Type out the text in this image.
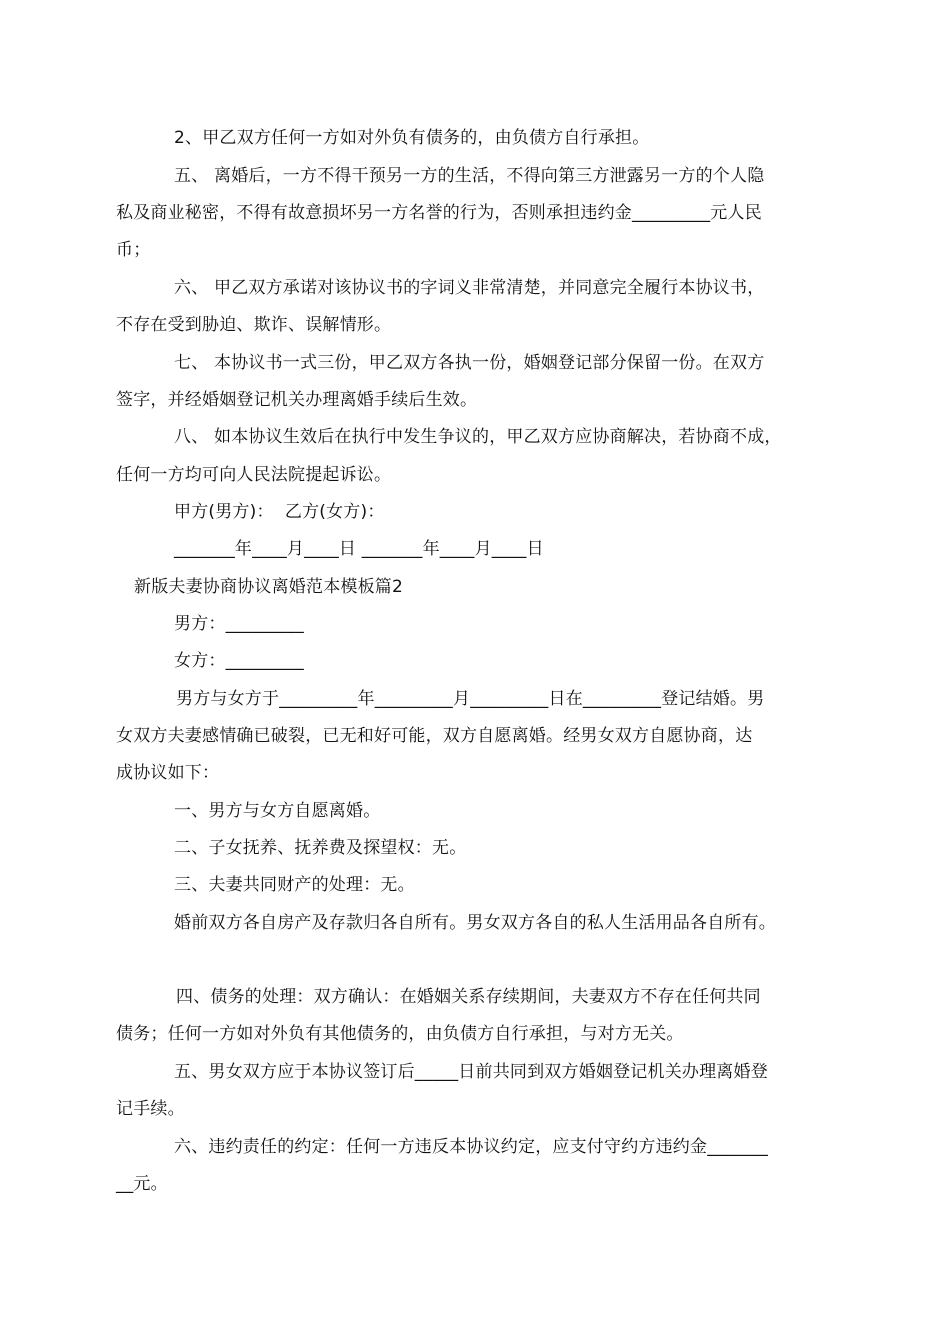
2、甲乙双方任何一方如对外负有债务的，由负债方自行承担。
五、 离婚后，一方不得干预另一方的生活，不得向第三方泄露另一方的个人隐
私及商业秘密，不得有故意损坏另一方名誉的行为，否则承担违约金_________元人民
币；
六、 甲乙双方承诺对该协议书的字词义非常清楚，并同意完全履行本协议书，
不存在受到胁迫、欺诈、误解情形。
七、 本协议书一式三份，甲乙双方各执一份，婚姻登记部分保留一份。在双方
签字，并经婚姻登记机关办理离婚手续后生效。
八、 如本协议生效后在执行中发生争议的，甲乙双方应协商解决，若协商不成，
任何一方均可向人民法院提起诉讼。
甲方(男方)：  乙方(女方)：
_______年____月____日 _______年____月____日
新版夫妻协商协议离婚范本模板篇2
男方：_________
女方：_________
男方与女方于_________年_________月_________日在_________登记结婚。男
女双方夫妻感情确已破裂，已无和好可能，双方自愿离婚。经男女双方自愿协商，达
成协议如下：
一、男方与女方自愿离婚。
二、子女抚养、抚养费及探望权：无。
三、夫妻共同财产的处理：无。
婚前双方各自房产及存款归各自所有。男女双方各自的私人生活用品各自所有。
四、债务的处理：双方确认：在婚姻关系存续期间，夫妻双方不存在任何共同
债务；任何一方如对外负有其他债务的，由负债方自行承担，与对方无关。
五、男女双方应于本协议签订后_____日前共同到双方婚姻登记机关办理离婚登
记手续。
六、违约责任的约定：任何一方违反本协议约定，应支付守约方违约金_______
__元。
